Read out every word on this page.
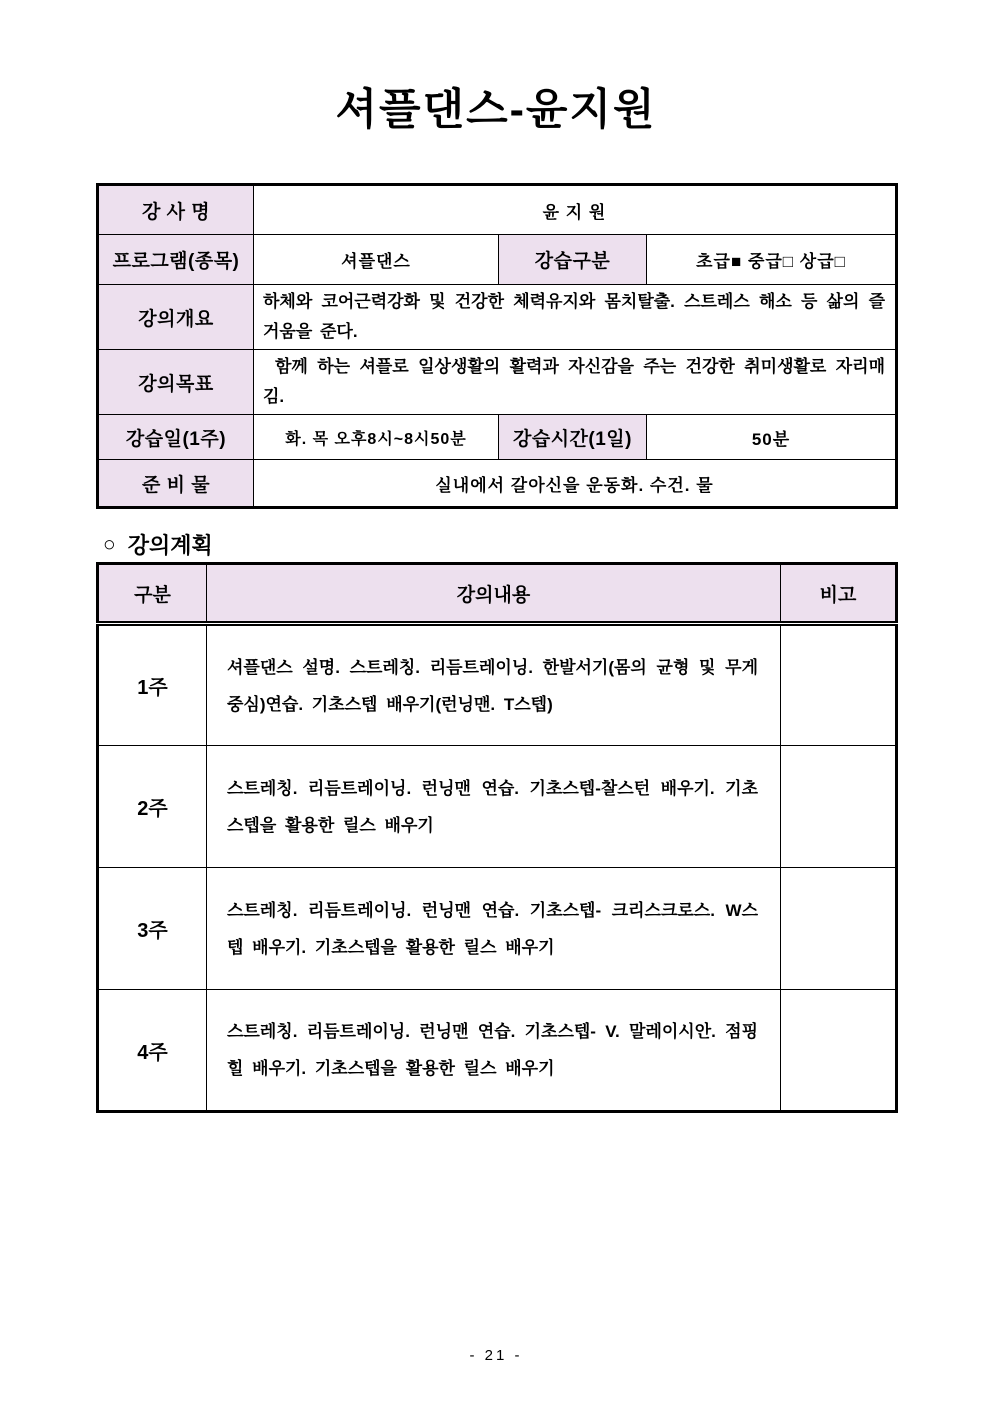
셔플댄스-윤지원
강 사 명	윤 지 원		
프로그램(종목)	셔플댄스	강습구분	초급■ 중급□ 상급□
강의개요	하체와 코어근력강화 및 건강한 체력유지와 몸치탈출. 스트레스 해소 등 삶의 즐거움을 준다.		
강의목표	함께 하는 셔플로 일상생활의 활력과 자신감을 주는 건강한 취미생활로 자리매김.		
강습일(1주)	화. 목 오후8시~8시50분	강습시간(1일)	50분
준 비 물	실내에서 갈아신을 운동화. 수건. 물		
○ 강의계획
구분	강의내용	비고
1주	셔플댄스 설명. 스트레칭. 리듬트레이닝. 한발서기(몸의 균형 및 무게 중심)연습. 기초스텝 배우기(런닝맨. T스텝)	
2주	스트레칭. 리듬트레이닝. 런닝맨 연습. 기초스텝-찰스턴 배우기. 기초스텝을 활용한 릴스 배우기	
3주	스트레칭. 리듬트레이닝. 런닝맨 연습. 기초스텝- 크리스크로스. W스텝 배우기. 기초스텝을 활용한 릴스 배우기	
4주	스트레칭. 리듬트레이닝. 런닝맨 연습. 기초스텝- V. 말레이시안. 점핑힐 배우기. 기초스텝을 활용한 릴스 배우기	
- 21 -
